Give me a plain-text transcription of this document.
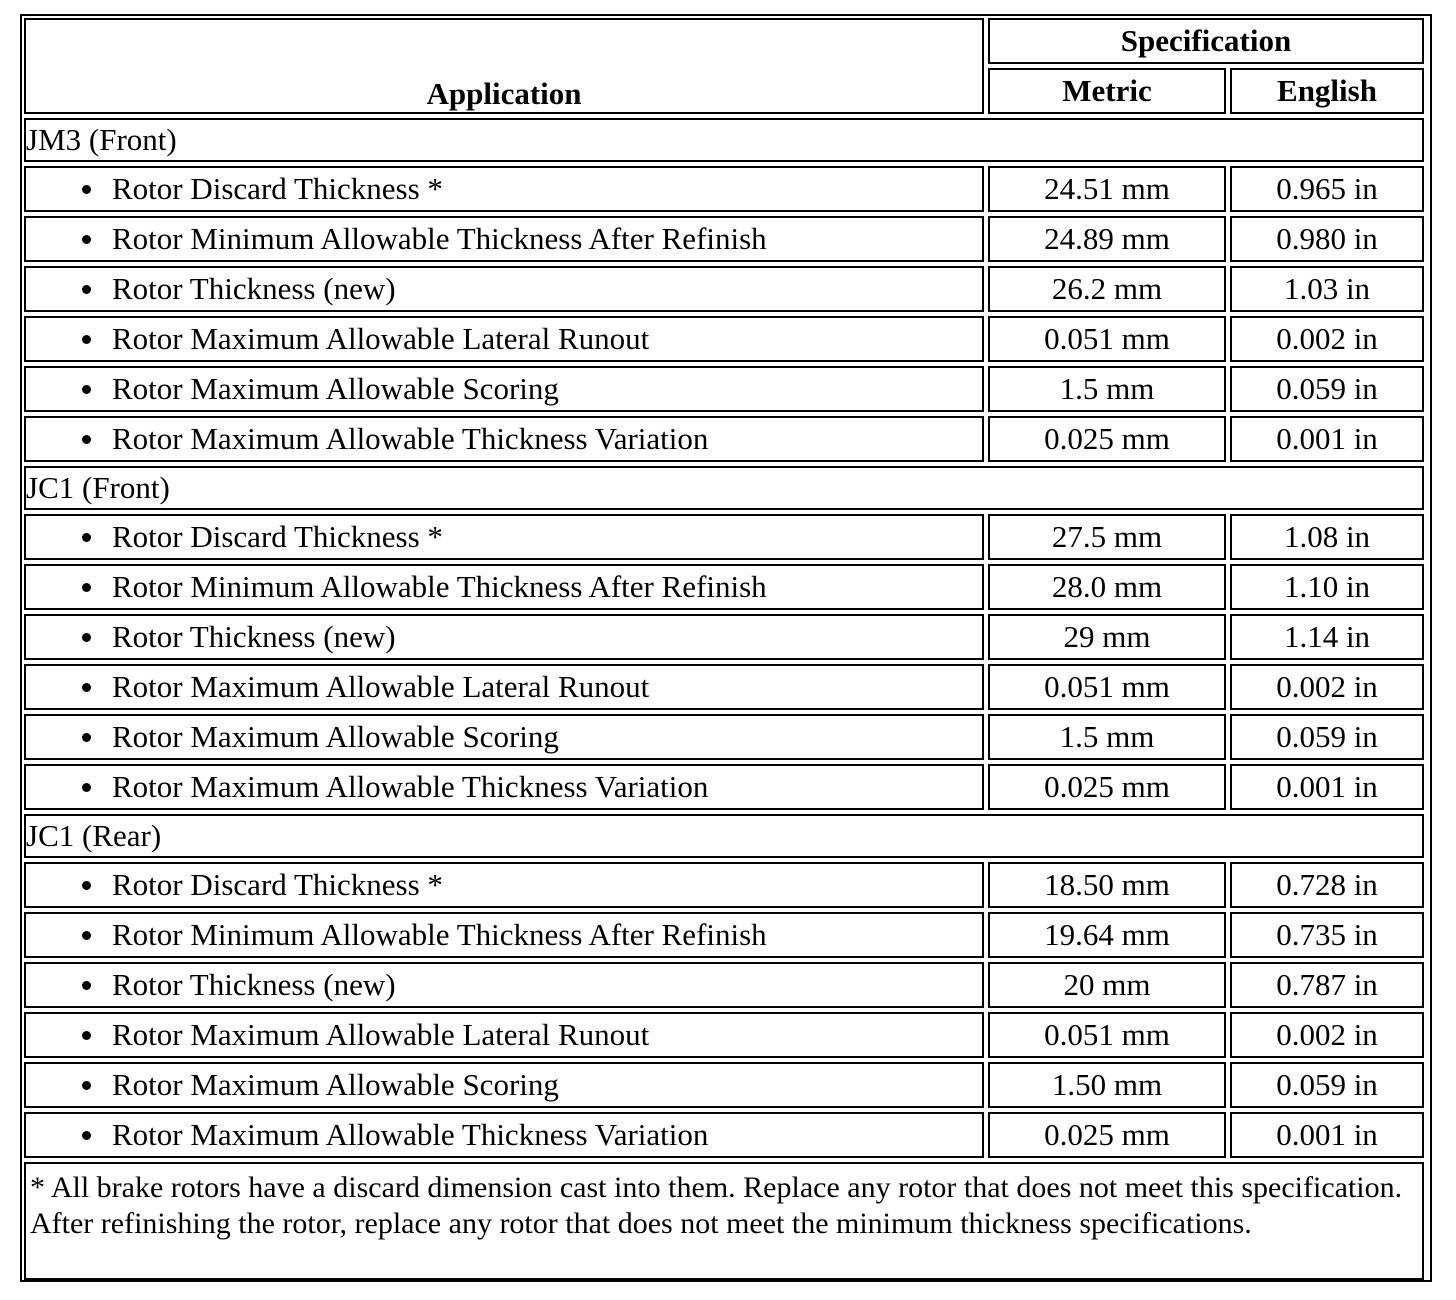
Application	Specification	
	Metric	English
JM3 (Front)		

Rotor Discard Thickness *	24.51 mm	0.965 in

Rotor Minimum Allowable Thickness After Refinish	24.89 mm	0.980 in

Rotor Thickness (new)	26.2 mm	1.03 in

Rotor Maximum Allowable Lateral Runout	0.051 mm	0.002 in

Rotor Maximum Allowable Scoring	1.5 mm	0.059 in

Rotor Maximum Allowable Thickness Variation	0.025 mm	0.001 in
JC1 (Front)		

Rotor Discard Thickness *	27.5 mm	1.08 in

Rotor Minimum Allowable Thickness After Refinish	28.0 mm	1.10 in

Rotor Thickness (new)	29 mm	1.14 in

Rotor Maximum Allowable Lateral Runout	0.051 mm	0.002 in

Rotor Maximum Allowable Scoring	1.5 mm	0.059 in

Rotor Maximum Allowable Thickness Variation	0.025 mm	0.001 in
JC1 (Rear)		

Rotor Discard Thickness *	18.50 mm	0.728 in

Rotor Minimum Allowable Thickness After Refinish	19.64 mm	0.735 in

Rotor Thickness (new)	20 mm	0.787 in

Rotor Maximum Allowable Lateral Runout	0.051 mm	0.002 in

Rotor Maximum Allowable Scoring	1.50 mm	0.059 in

Rotor Maximum Allowable Thickness Variation	0.025 mm	0.001 in
* All brake rotors have a discard dimension cast into them. Replace any rotor that does not meet this specification. After refinishing the rotor, replace any rotor that does not meet the minimum thickness specifications.		
